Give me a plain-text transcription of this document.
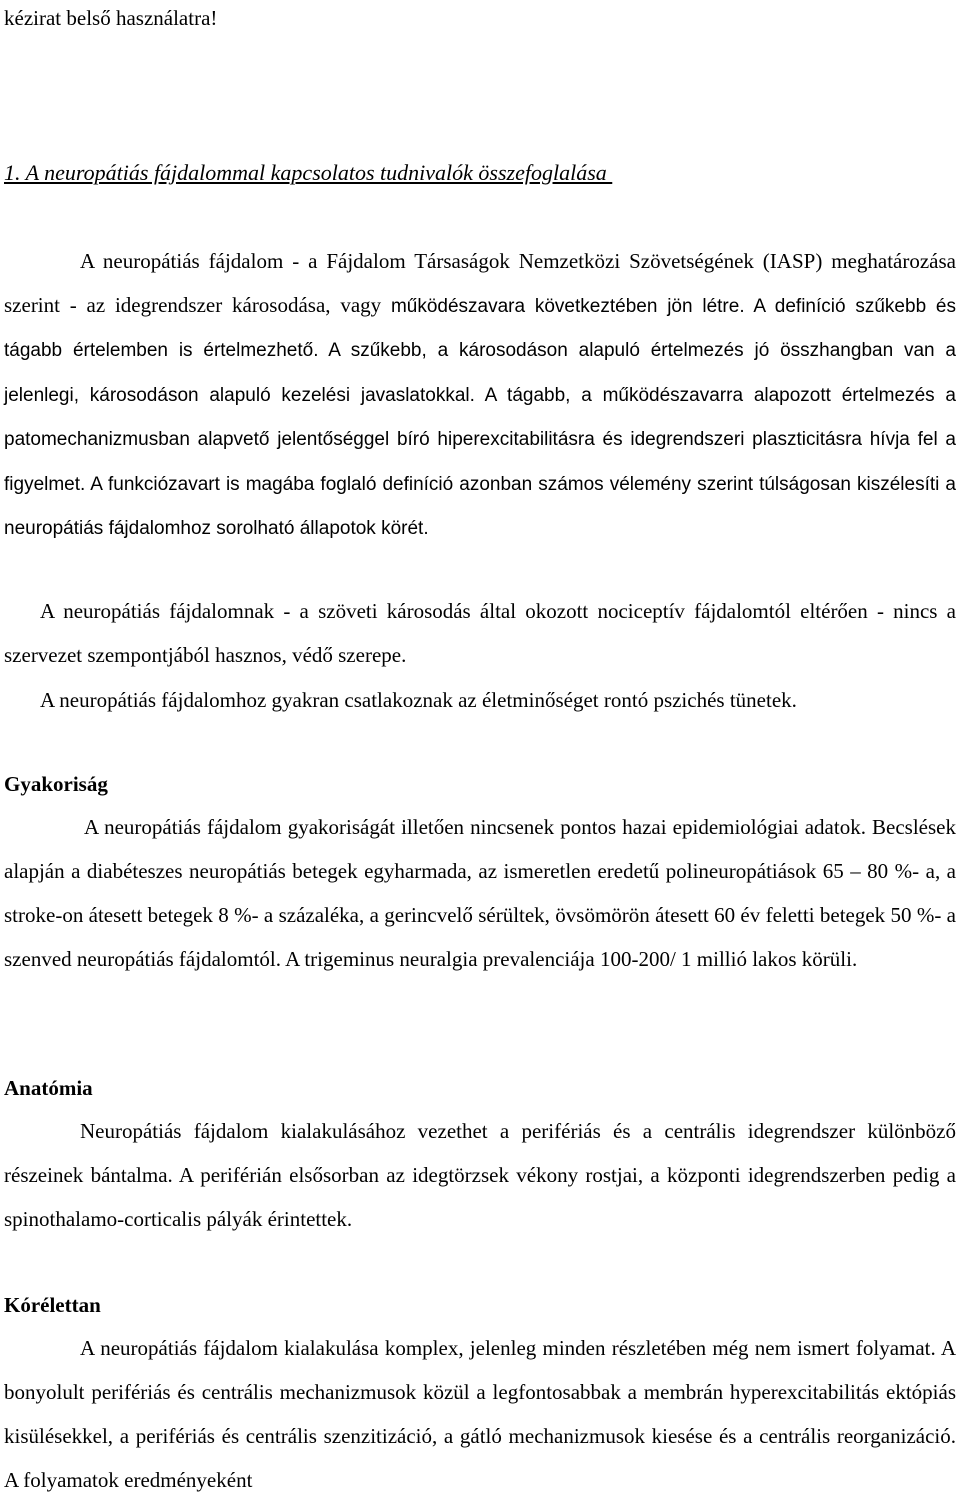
kézirat belső használatra!

1. A neuropátiás fájdalommal kapcsolatos tudnivalók összefoglalása

A neuropátiás fájdalom - a Fájdalom Társaságok Nemzetközi Szövetségének (IASP) meghatározása szerint - az idegrendszer károsodása, vagy működészavara következtében jön létre. A definíció szűkebb és tágabb értelemben is értelmezhető. A szűkebb, a károsodáson alapuló értelmezés jó összhangban van a jelenlegi, károsodáson alapuló kezelési javaslatokkal. A tágabb, a működészavarra alapozott értelmezés a patomechanizmusban alapvető jelentőséggel bíró hiperexcitabilitásra és idegrendszeri plaszticitásra hívja fel a figyelmet. A funkciózavart is magába foglaló definíció azonban számos vélemény szerint túlságosan kiszélesíti a neuropátiás fájdalomhoz sorolható állapotok körét.

A neuropátiás fájdalomnak - a szöveti károsodás által okozott nociceptív fájdalomtól eltérően - nincs a szervezet szempontjából hasznos, védő szerepe.

A neuropátiás fájdalomhoz gyakran csatlakoznak az életminőséget rontó pszichés tünetek.

Gyakoriság

A neuropátiás fájdalom gyakoriságát illetően nincsenek pontos hazai epidemiológiai adatok. Becslések alapján a diabéteszes neuropátiás betegek egyharmada, az ismeretlen eredetű polineuropátiások 65 – 80 %- a, a stroke-on átesett betegek 8 %- a százaléka, a gerincvelő sérültek, övsömörön átesett 60 év feletti betegek 50 %- a szenved neuropátiás fájdalomtól. A trigeminus neuralgia prevalenciája 100-200/ 1 millió lakos körüli.

Anatómia

Neuropátiás fájdalom kialakulásához vezethet a perifériás és a centrális idegrendszer különböző részeinek bántalma. A periférián elsősorban az idegtörzsek vékony rostjai, a központi idegrendszerben pedig a spinothalamo-corticalis pályák érintettek.

Kórélettan

A neuropátiás fájdalom kialakulása komplex, jelenleg minden részletében még nem ismert folyamat. A bonyolult perifériás és centrális mechanizmusok közül a legfontosabbak a membrán hyperexcitabilitás ektópiás kisülésekkel, a perifériás és centrális szenzitizáció, a gátló mechanizmusok kiesése és a centrális reorganizáció. A folyamatok eredményeként
